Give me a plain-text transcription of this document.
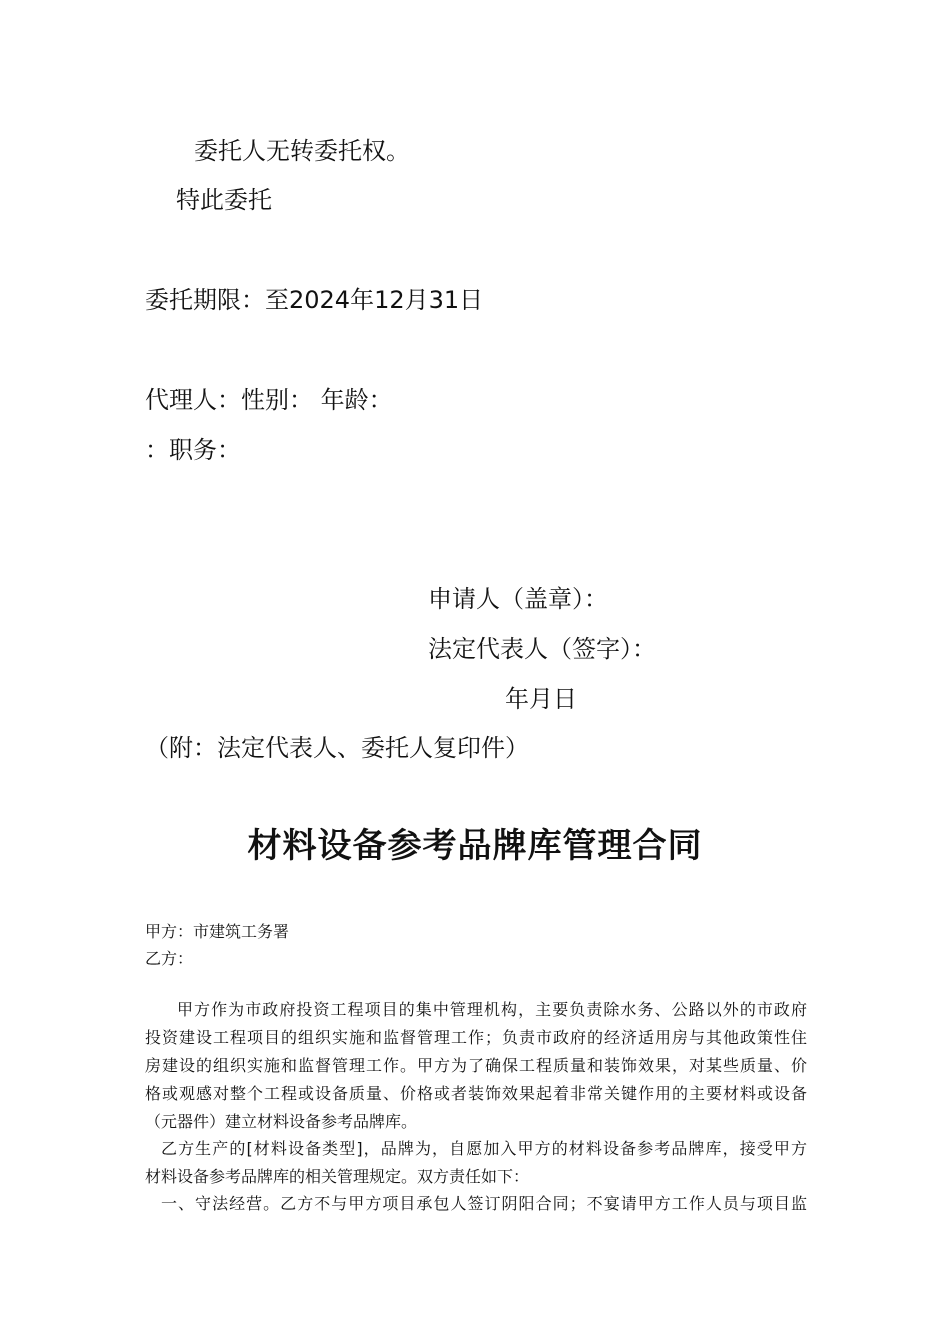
委托人无转委托权。
特此委托
委托期限：至2024年12月31日
代理人：性别： 年龄：
：职务：
申请人（盖章）：
法定代表人（签字）：
年月日
（附：法定代表人、委托人复印件）
材料设备参考品牌库管理合同
甲方：市建筑工务署
乙方：
甲方作为市政府投资工程项目的集中管理机构，主要负责除水务、公路以外的市政府
投资建设工程项目的组织实施和监督管理工作；负责市政府的经济适用房与其他政策性住
房建设的组织实施和监督管理工作。甲方为了确保工程质量和装饰效果，对某些质量、价
格或观感对整个工程或设备质量、价格或者装饰效果起着非常关键作用的主要材料或设备
（元器件）建立材料设备参考品牌库。
乙方生产的[材料设备类型]，品牌为，自愿加入甲方的材料设备参考品牌库，接受甲方
材料设备参考品牌库的相关管理规定。双方责任如下：
一、守法经营。乙方不与甲方项目承包人签订阴阳合同；不宴请甲方工作人员与项目监
